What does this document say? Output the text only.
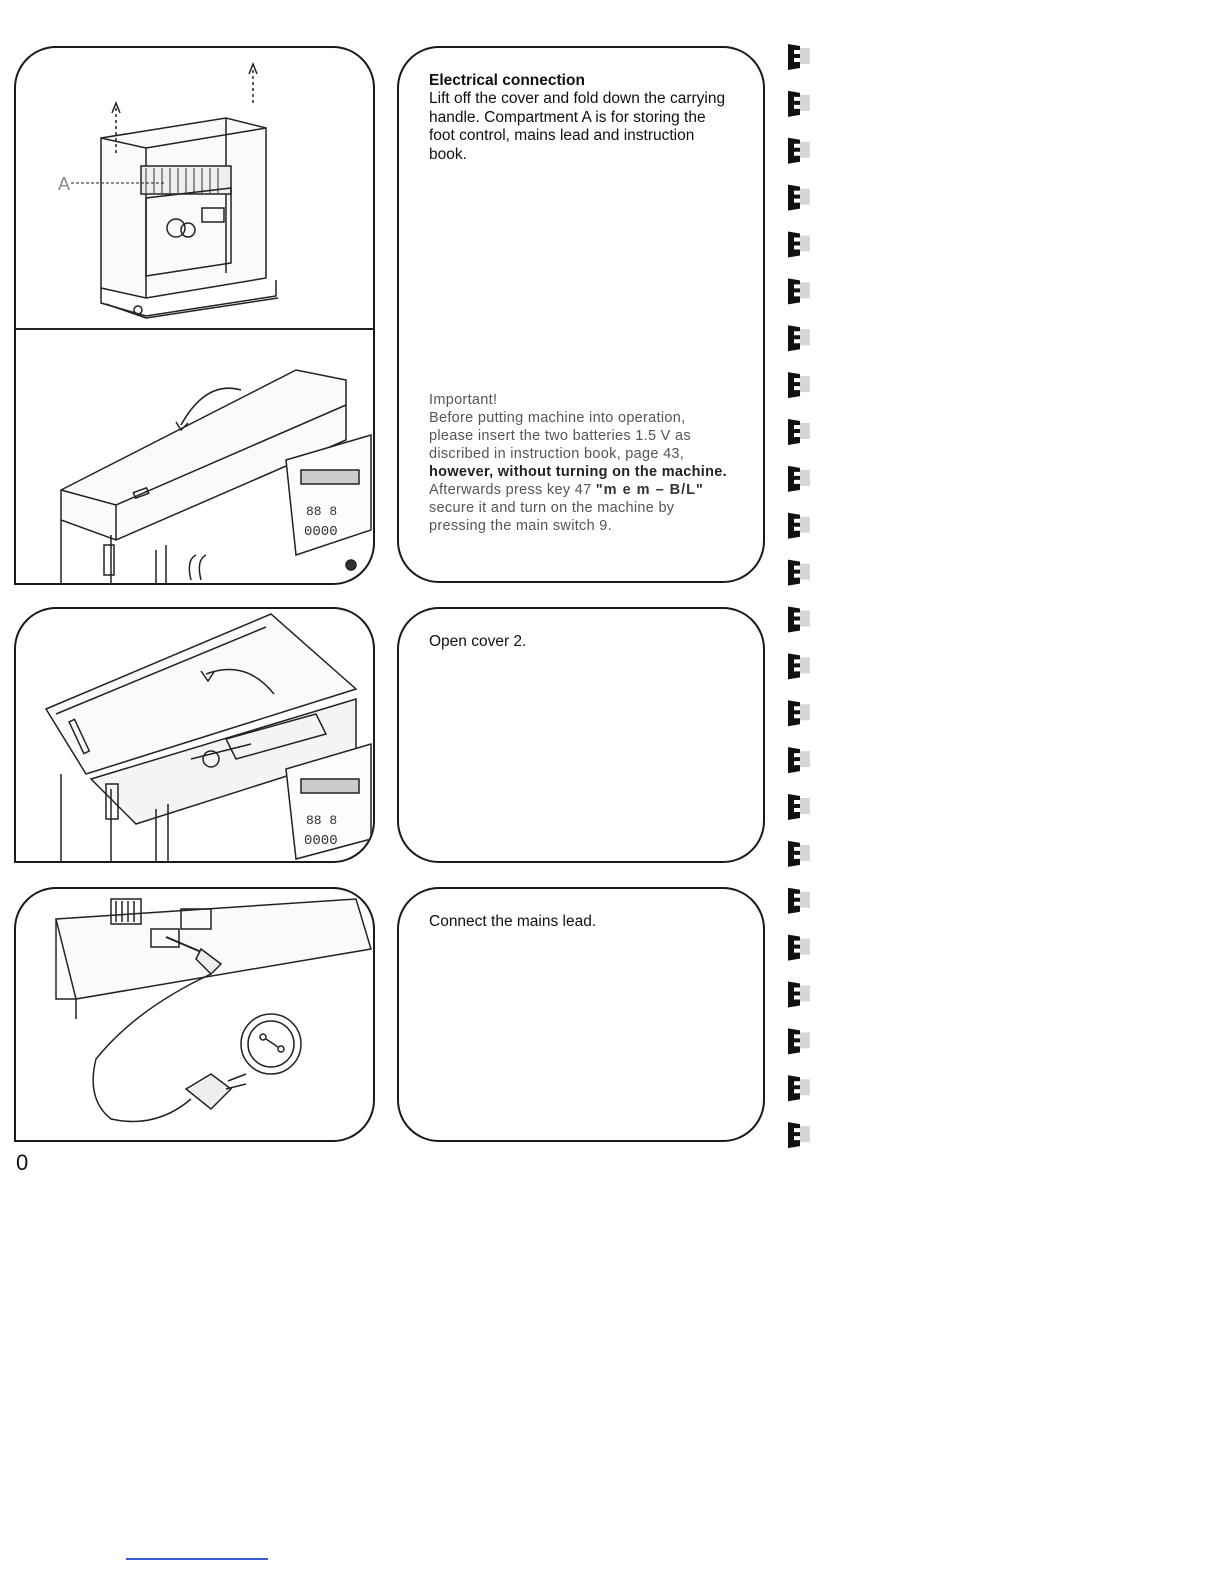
A
88 8
0000
Electrical connection
Lift off the cover and fold down the carrying handle. Compartment A is for storing the foot control, mains lead and instruction book.
Important!
Before putting machine into operation, please insert the two batteries 1.5 V as discribed in instruction book, page 43, however, without turning on the machine. Afterwards press key 47 "m e m – B/L" secure it and turn on the machine by pressing the main switch 9.
88 8
0000
Open cover 2.
Connect the mains lead.
0
